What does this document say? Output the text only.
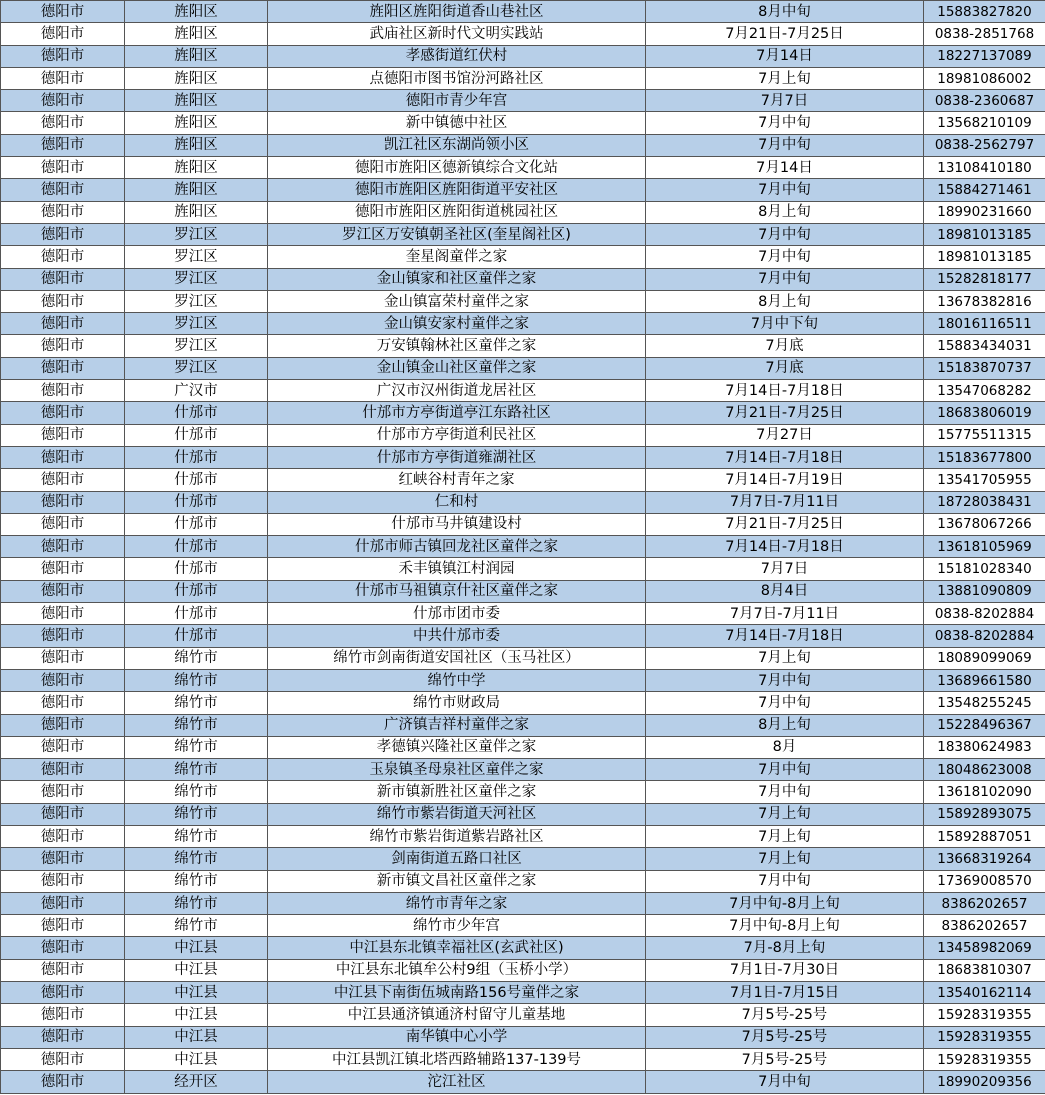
德阳市	旌阳区	旌阳区旌阳街道香山巷社区	8月中旬	15883827820
德阳市	旌阳区	武庙社区新时代文明实践站	7月21日-7月25日	0838-2851768
德阳市	旌阳区	孝感街道红伏村	7月14日	18227137089
德阳市	旌阳区	点德阳市图书馆汾河路社区	7月上旬	18981086002
德阳市	旌阳区	德阳市青少年宫	7月7日	0838-2360687
德阳市	旌阳区	新中镇德中社区	7月中旬	13568210109
德阳市	旌阳区	凯江社区东湖尚领小区	7月中旬	0838-2562797
德阳市	旌阳区	德阳市旌阳区德新镇综合文化站	7月14日	13108410180
德阳市	旌阳区	德阳市旌阳区旌阳街道平安社区	7月中旬	15884271461
德阳市	旌阳区	德阳市旌阳区旌阳街道桃园社区	8月上旬	18990231660
德阳市	罗江区	罗江区万安镇朝圣社区(奎星阁社区)	7月中旬	18981013185
德阳市	罗江区	奎星阁童伴之家	7月中旬	18981013185
德阳市	罗江区	金山镇家和社区童伴之家	7月中旬	15282818177
德阳市	罗江区	金山镇富荣村童伴之家	8月上旬	13678382816
德阳市	罗江区	金山镇安家村童伴之家	7月中下旬	18016116511
德阳市	罗江区	万安镇翰林社区童伴之家	7月底	15883434031
德阳市	罗江区	金山镇金山社区童伴之家	7月底	15183870737
德阳市	广汉市	广汉市汉州街道龙居社区	7月14日-7月18日	13547068282
德阳市	什邡市	什邡市方亭街道亭江东路社区	7月21日-7月25日	18683806019
德阳市	什邡市	什邡市方亭街道利民社区	7月27日	15775511315
德阳市	什邡市	什邡市方亭街道雍湖社区	7月14日-7月18日	15183677800
德阳市	什邡市	红峡谷村青年之家	7月14日-7月19日	13541705955
德阳市	什邡市	仁和村	7月7日-7月11日	18728038431
德阳市	什邡市	什邡市马井镇建设村	7月21日-7月25日	13678067266
德阳市	什邡市	什邡市师古镇回龙社区童伴之家	7月14日-7月18日	13618105969
德阳市	什邡市	禾丰镇镇江村润园	7月7日	15181028340
德阳市	什邡市	什邡市马祖镇京什社区童伴之家	8月4日	13881090809
德阳市	什邡市	什邡市团市委	7月7日-7月11日	0838-8202884
德阳市	什邡市	中共什邡市委	7月14日-7月18日	0838-8202884
德阳市	绵竹市	绵竹市剑南街道安国社区（玉马社区）	7月上旬	18089099069
德阳市	绵竹市	绵竹中学	7月中旬	13689661580
德阳市	绵竹市	绵竹市财政局	7月中旬	13548255245
德阳市	绵竹市	广济镇吉祥村童伴之家	8月上旬	15228496367
德阳市	绵竹市	孝德镇兴隆社区童伴之家	8月	18380624983
德阳市	绵竹市	玉泉镇圣母泉社区童伴之家	7月中旬	18048623008
德阳市	绵竹市	新市镇新胜社区童伴之家	7月中旬	13618102090
德阳市	绵竹市	绵竹市紫岩街道天河社区	7月上旬	15892893075
德阳市	绵竹市	绵竹市紫岩街道紫岩路社区	7月上旬	15892887051
德阳市	绵竹市	剑南街道五路口社区	7月上旬	13668319264
德阳市	绵竹市	新市镇文昌社区童伴之家	7月中旬	17369008570
德阳市	绵竹市	绵竹市青年之家	7月中旬-8月上旬	8386202657
德阳市	绵竹市	绵竹市少年宫	7月中旬-8月上旬	8386202657
德阳市	中江县	中江县东北镇幸福社区(玄武社区)	7月-8月上旬	13458982069
德阳市	中江县	中江县东北镇牟公村9组（玉桥小学）	7月1日-7月30日	18683810307
德阳市	中江县	中江县下南街伍城南路156号童伴之家	7月1日-7月15日	13540162114
德阳市	中江县	中江县通济镇通济村留守儿童基地	7月5号-25号	15928319355
德阳市	中江县	南华镇中心小学	7月5号-25号	15928319355
德阳市	中江县	中江县凯江镇北塔西路辅路137-139号	7月5号-25号	15928319355
德阳市	经开区	沱江社区	7月中旬	18990209356
